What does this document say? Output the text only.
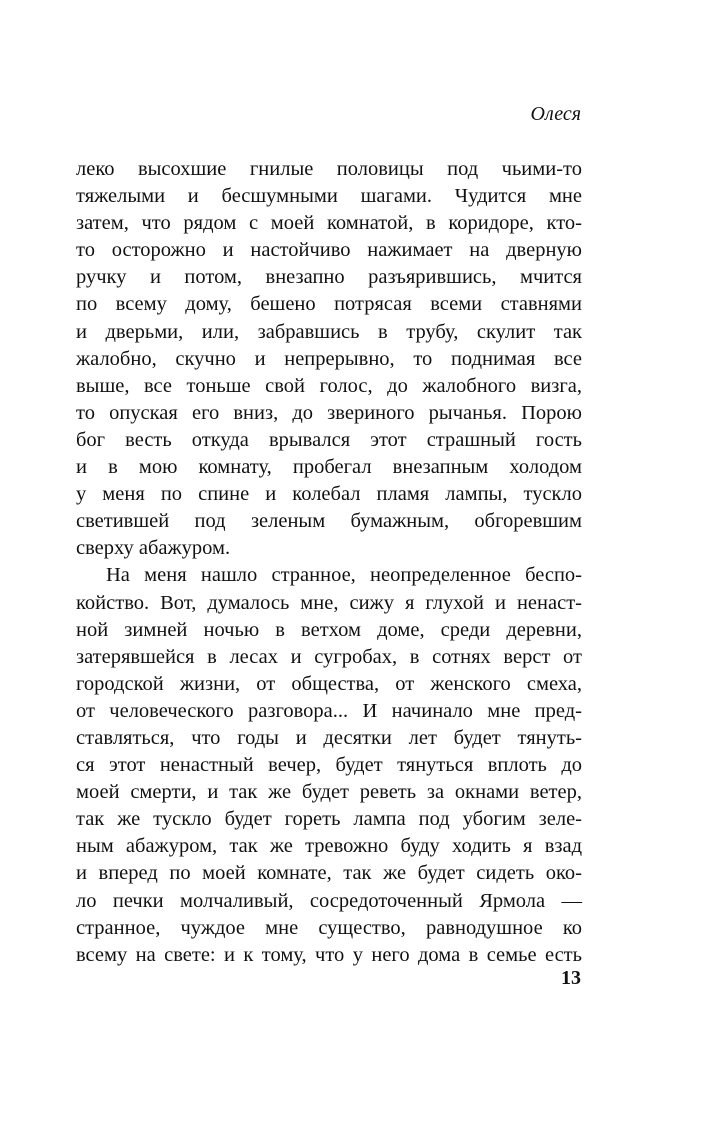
Олеся
леко высохшие гнилые половицы под чьими-то
тяжелыми и бесшумными шагами. Чудится мне
затем, что рядом с моей комнатой, в коридоре, кто-
то осторожно и настойчиво нажимает на дверную
ручку и потом, внезапно разъярившись, мчится
по всему дому, бешено потрясая всеми ставнями
и дверьми, или, забравшись в трубу, скулит так
жалобно, скучно и непрерывно, то поднимая все
выше, все тоньше свой голос, до жалобного визга,
то опуская его вниз, до звериного рычанья. Порою
бог весть откуда врывался этот страшный гость
и в мою комнату, пробегал внезапным холодом
у меня по спине и колебал пламя лампы, тускло
светившей под зеленым бумажным, обгоревшим
сверху абажуром.
На меня нашло странное, неопределенное беспо-
койство. Вот, думалось мне, сижу я глухой и ненаст-
ной зимней ночью в ветхом доме, среди деревни,
затерявшейся в лесах и сугробах, в сотнях верст от
городской жизни, от общества, от женского смеха,
от человеческого разговора... И начинало мне пред-
ставляться, что годы и десятки лет будет тянуть-
ся этот ненастный вечер, будет тянуться вплоть до
моей смерти, и так же будет реветь за окнами ветер,
так же тускло будет гореть лампа под убогим зеле-
ным абажуром, так же тревожно буду ходить я взад
и вперед по моей комнате, так же будет сидеть око-
ло печки молчаливый, сосредоточенный Ярмола —
странное, чуждое мне существо, равнодушное ко
всему на свете: и к тому, что у него дома в семье есть
13
